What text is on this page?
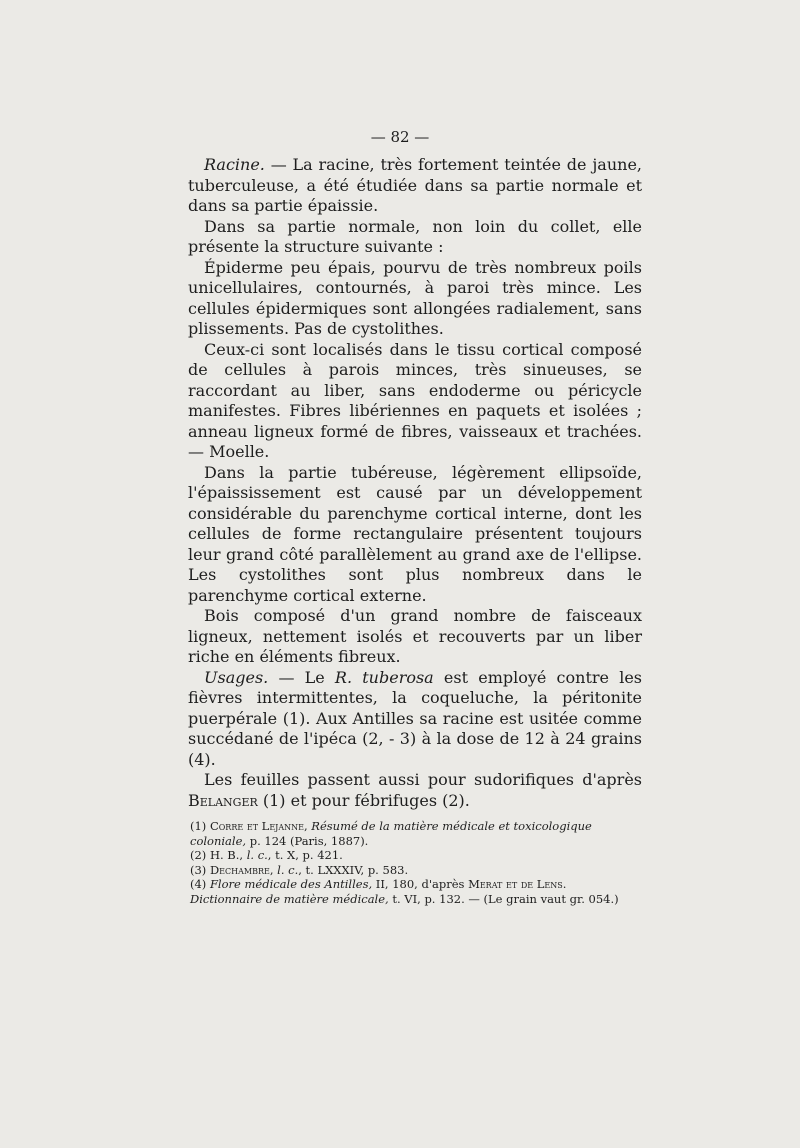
— 82 —

Racine. — La racine, très fortement teintée de jaune, tuberculeuse, a été étudiée dans sa partie normale et dans sa partie épaissie.

Dans sa partie normale, non loin du collet, elle présente la structure suivante :

Épiderme peu épais, pourvu de très nombreux poils unicellulaires, contournés, à paroi très mince. Les cellules épidermiques sont allongées radialement, sans plissements. Pas de cystolithes.

Ceux-ci sont localisés dans le tissu cortical composé de cellules à parois minces, très sinueuses, se raccordant au liber, sans endoderme ou péricycle manifestes. Fibres libériennes en paquets et isolées ; anneau ligneux formé de fibres, vaisseaux et trachées. — Moelle.

Dans la partie tubéreuse, légèrement ellipsoïde, l'épaississement est causé par un développement considérable du parenchyme cortical interne, dont les cellules de forme rectangulaire présentent toujours leur grand côté parallèlement au grand axe de l'ellipse. Les cystolithes sont plus nombreux dans le parenchyme cortical externe.

Bois composé d'un grand nombre de faisceaux ligneux, nettement isolés et recouverts par un liber riche en éléments fibreux.

Usages. — Le R. tuberosa est employé contre les fièvres intermittentes, la coqueluche, la péritonite puerpérale (1). Aux Antilles sa racine est usitée comme succédané de l'ipéca (2, - 3) à la dose de 12 à 24 grains (4).

Les feuilles passent aussi pour sudorifiques d'après Belanger (1) et pour fébrifuges (2).

(1) Corre et Lejanne, Résumé de la matière médicale et toxicologique coloniale, p. 124 (Paris, 1887).

(2) H. B., l. c., t. X, p. 421.

(3) Dechambre, l. c., t. LXXXIV, p. 583.

(4) Flore médicale des Antilles, II, 180, d'après Merat et de Lens. Dictionnaire de matière médicale, t. VI, p. 132. — (Le grain vaut gr. 054.)
